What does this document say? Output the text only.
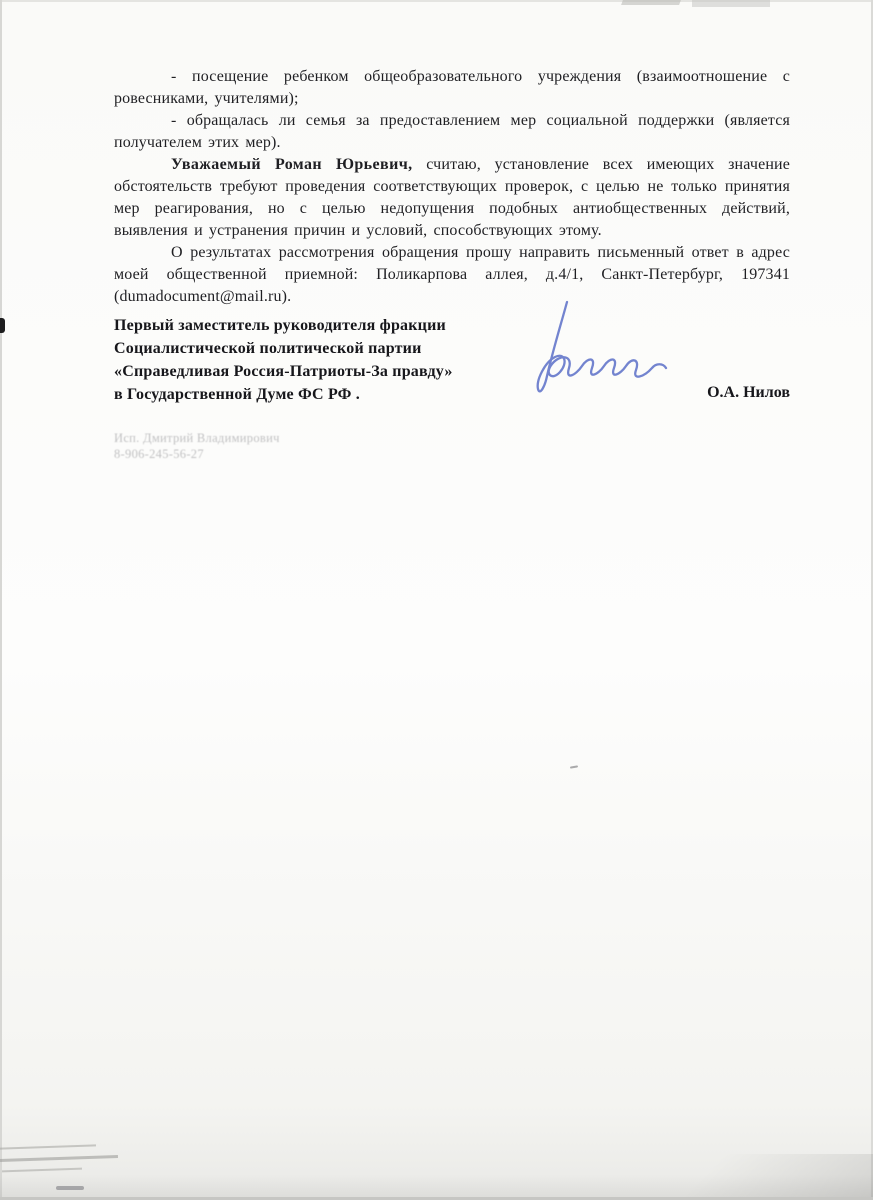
- посещение ребенком общеобразовательного учреждения (взаимоотношение с ровесниками, учителями);

- обращалась ли семья за предоставлением мер социальной поддержки (является получателем этих мер).

Уважаемый Роман Юрьевич, считаю, установление всех имеющих значение обстоятельств требуют проведения соответствующих проверок, с целью не только принятия мер реагирования, но с целью недопущения подобных антиобщественных действий, выявления и устранения причин и условий, способствующих этому.

О результатах рассмотрения обращения прошу направить письменный ответ в адрес моей общественной приемной: Поликарпова аллея, д.4/1, Санкт-Петербург, 197341 (dumadocument@mail.ru).

Первый заместитель руководителя фракции
Социалистической политической партии
«Справедливая Россия-Патриоты-За правду»
в Государственной Думе ФС РФ .	О.А. Нилов
Исп. Дмитрий Владимирович
8-906-245-56-27
